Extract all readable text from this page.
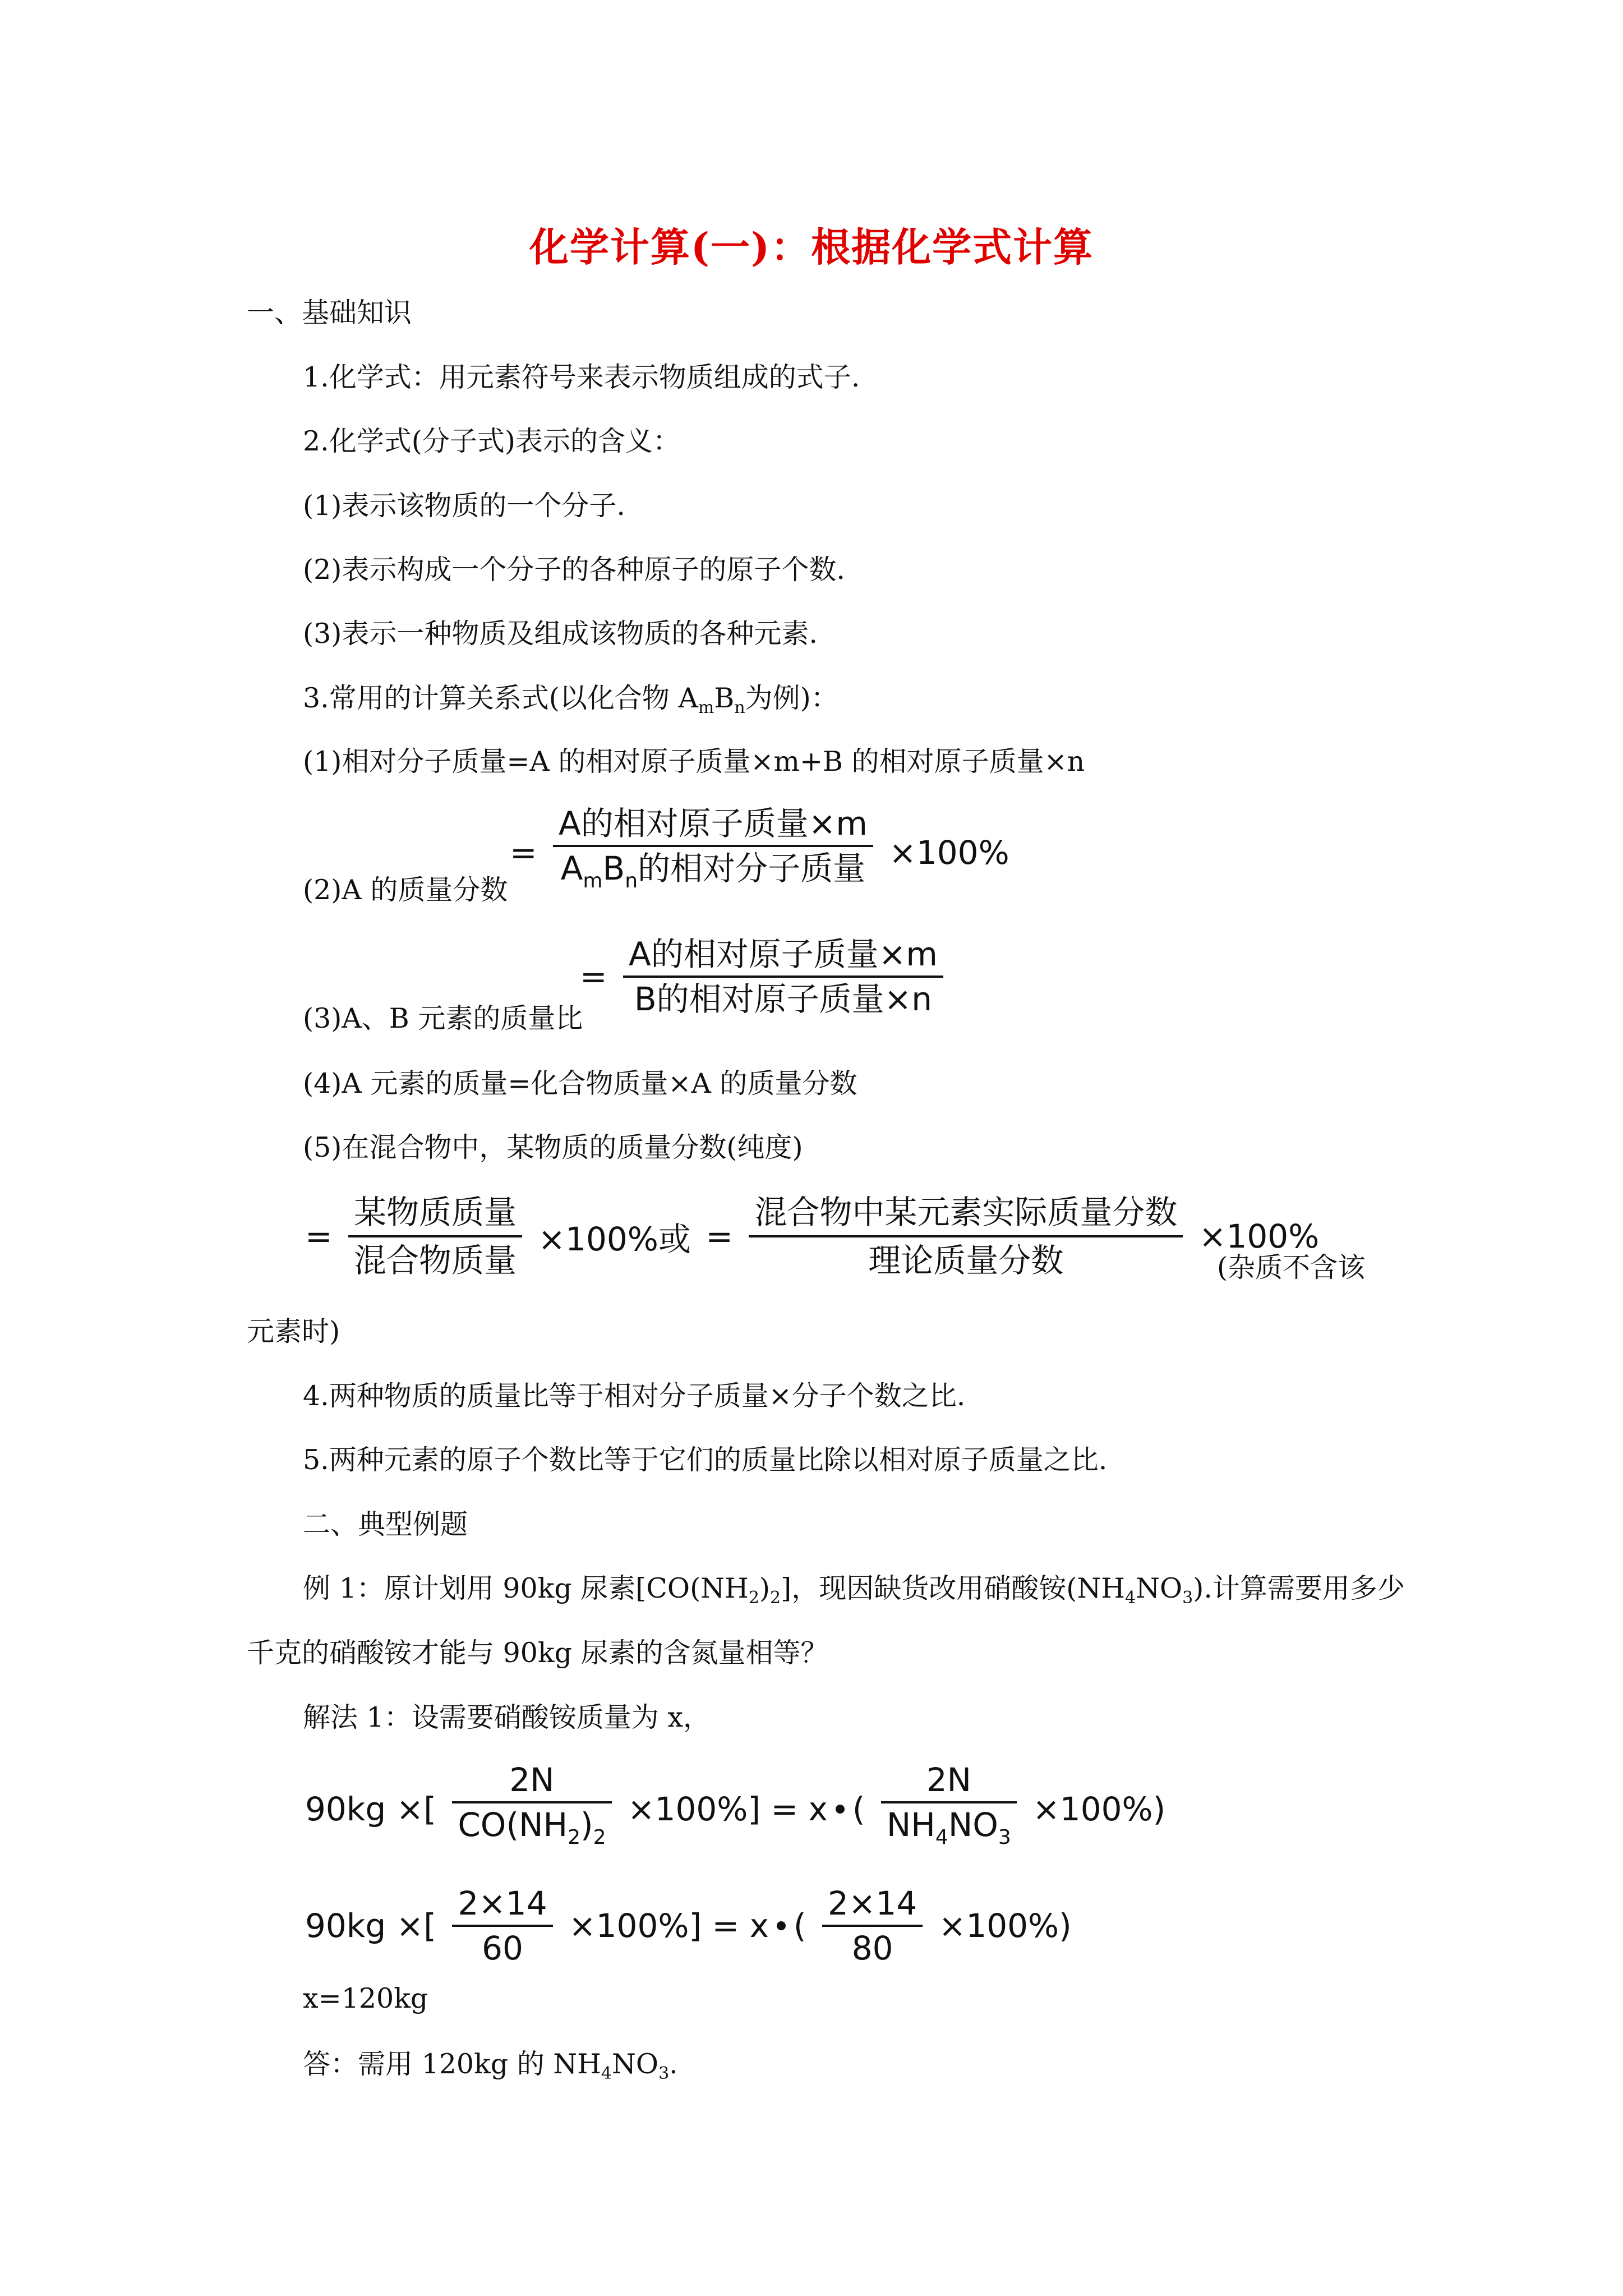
化学计算(一)：根据化学式计算
一、基础知识
1.化学式：用元素符号来表示物质组成的式子.
2.化学式(分子式)表示的含义：
(1)表示该物质的一个分子.
(2)表示构成一个分子的各种原子的原子个数.
(3)表示一种物质及组成该物质的各种元素.
3.常用的计算关系式(以化合物 $A_mB_n$为例)：
(1)相对分子质量=A 的相对原子质量×m+B 的相对原子质量×n
(2)A 的质量分数
= $\frac{\text{A的相对原子质量×m}}{A_mB_n的相对分子质量} \times 100\%$
(3)A、B 元素的质量比
= $\frac{\text{A的相对原子质量×m}}{\text{B的相对原子质量×n}}$
(4)A 元素的质量=化合物质量×A 的质量分数
(5)在混合物中，某物质的质量分数(纯度)
= $\frac{\text{某物质质量}}{\text{混合物质量}} \times 100\%$或 = $\frac{\text{混合物中某元素实际质量分数}}{\text{理论质量分数}} \times 100\%$
(杂质不含该
元素时)
4.两种物质的质量比等于相对分子质量×分子个数之比.
5.两种元素的原子个数比等于它们的质量比除以相对原子质量之比.
二、典型例题
例 1：原计划用 90kg 尿素$[CO(NH_2)_2]$，现因缺货改用硝酸铵$(NH_4NO_3)$.计算需要用多少
千克的硝酸铵才能与 90kg 尿素的含氮量相等？
解法 1：设需要硝酸铵质量为 x，
90kg ×[ $\frac{2N}{CO(NH_2)_2} \times 100\%] = x$ ( $\frac{2N}{NH_4NO_3} \times 100\%$)
90kg ×[ $\frac{2\times 14}{60} \times 100\%] = x$ ( $\frac{2\times 14}{80} \times 100\%$)
x=120kg
答：需用 120kg 的 $NH_4NO_3$.
